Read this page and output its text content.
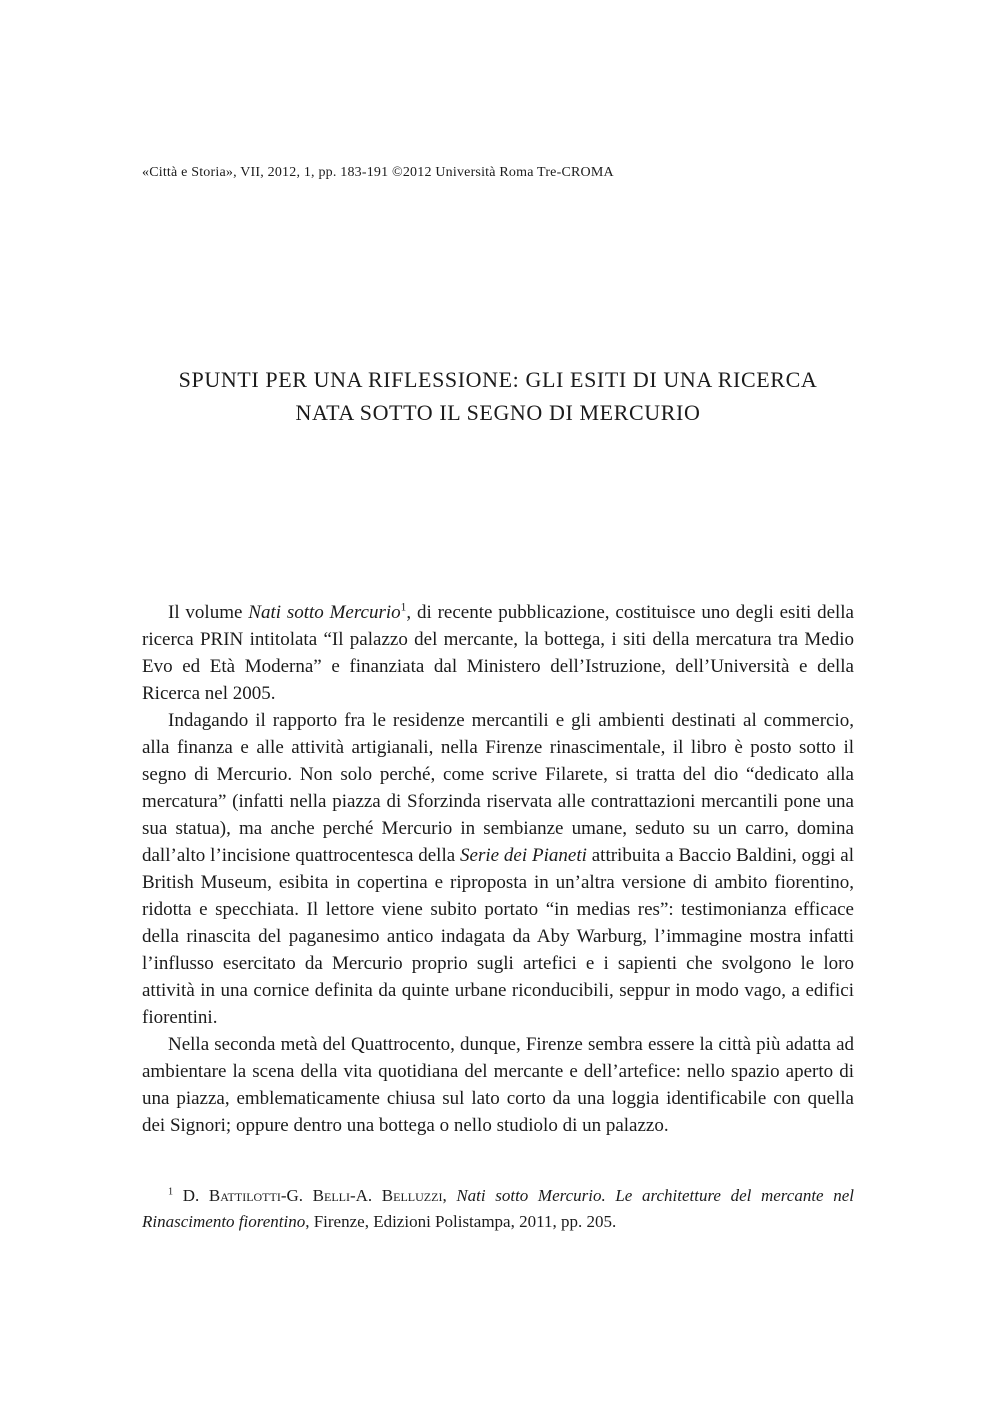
«Città e Storia», VII, 2012, 1, pp. 183-191 ©2012 Università Roma Tre-CROMA
SPUNTI PER UNA RIFLESSIONE: GLI ESITI DI UNA RICERCA
NATA SOTTO IL SEGNO DI MERCURIO

Il volume Nati sotto Mercurio$^1$, di recente pubblicazione, costituisce uno degli esiti della ricerca PRIN intitolata “Il palazzo del mercante, la bottega, i siti della mercatura tra Medio Evo ed Età Moderna” e finanziata dal Ministero dell’Istruzione, dell’Università e della Ricerca nel 2005.

Indagando il rapporto fra le residenze mercantili e gli ambienti destinati al commercio, alla finanza e alle attività artigianali, nella Firenze rinascimentale, il libro è posto sotto il segno di Mercurio. Non solo perché, come scrive Filarete, si tratta del dio “dedicato alla mercatura” (infatti nella piazza di Sforzinda riservata alle contrattazioni mercantili pone una sua statua), ma anche perché Mercurio in sembianze umane, seduto su un carro, domina dall’alto l’incisione quattrocentesca della Serie dei Pianeti attribuita a Baccio Baldini, oggi al British Museum, esibita in copertina e riproposta in un’altra versione di ambito fiorentino, ridotta e specchiata. Il lettore viene subito portato “in medias res”: testimonianza efficace della rinascita del paganesimo antico indagata da Aby Warburg, l’immagine mostra infatti l’influsso esercitato da Mercurio proprio sugli artefici e i sapienti che svolgono le loro attività in una cornice definita da quinte urbane riconducibili, seppur in modo vago, a edifici fiorentini.

Nella seconda metà del Quattrocento, dunque, Firenze sembra essere la città più adatta ad ambientare la scena della vita quotidiana del mercante e dell’artefice: nello spazio aperto di una piazza, emblematicamente chiusa sul lato corto da una loggia identificabile con quella dei Signori; oppure dentro una bottega o nello studiolo di un palazzo.

$^1$ D. Battilotti-G. Belli-A. Belluzzi, Nati sotto Mercurio. Le architetture del mercante nel Rinascimento fiorentino, Firenze, Edizioni Polistampa, 2011, pp. 205.
